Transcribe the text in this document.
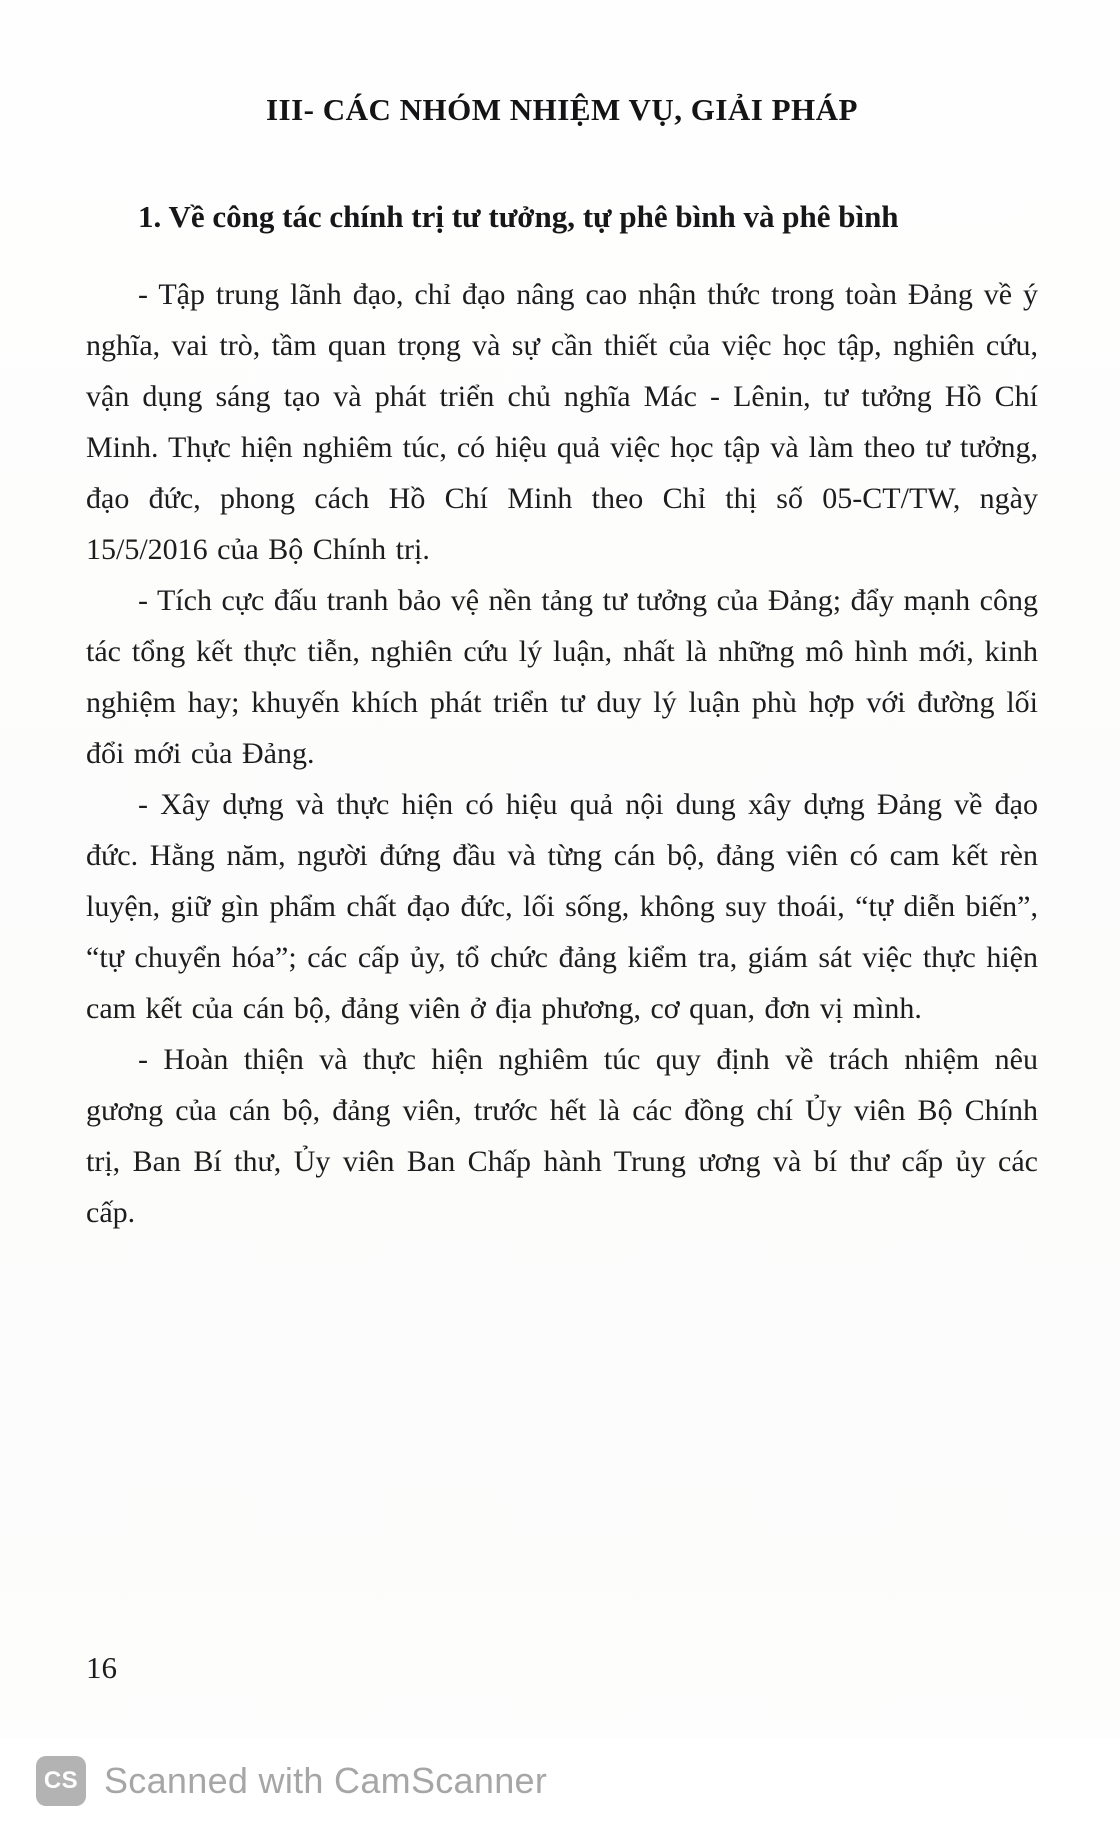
III- CÁC NHÓM NHIỆM VỤ, GIẢI PHÁP

1. Về công tác chính trị tư tưởng, tự phê bình và phê bình

- Tập trung lãnh đạo, chỉ đạo nâng cao nhận thức trong toàn Đảng về ý nghĩa, vai trò, tầm quan trọng và sự cần thiết của việc học tập, nghiên cứu, vận dụng sáng tạo và phát triển chủ nghĩa Mác - Lênin, tư tưởng Hồ Chí Minh. Thực hiện nghiêm túc, có hiệu quả việc học tập và làm theo tư tưởng, đạo đức, phong cách Hồ Chí Minh theo Chỉ thị số 05-CT/TW, ngày 15/5/2016 của Bộ Chính trị.

- Tích cực đấu tranh bảo vệ nền tảng tư tưởng của Đảng; đẩy mạnh công tác tổng kết thực tiễn, nghiên cứu lý luận, nhất là những mô hình mới, kinh nghiệm hay; khuyến khích phát triển tư duy lý luận phù hợp với đường lối đổi mới của Đảng.

- Xây dựng và thực hiện có hiệu quả nội dung xây dựng Đảng về đạo đức. Hằng năm, người đứng đầu và từng cán bộ, đảng viên có cam kết rèn luyện, giữ gìn phẩm chất đạo đức, lối sống, không suy thoái, “tự diễn biến”, “tự chuyển hóa”; các cấp ủy, tổ chức đảng kiểm tra, giám sát việc thực hiện cam kết của cán bộ, đảng viên ở địa phương, cơ quan, đơn vị mình.

- Hoàn thiện và thực hiện nghiêm túc quy định về trách nhiệm nêu gương của cán bộ, đảng viên, trước hết là các đồng chí Ủy viên Bộ Chính trị, Ban Bí thư, Ủy viên Ban Chấp hành Trung ương và bí thư cấp ủy các cấp.

16
CS Scanned with CamScanner
